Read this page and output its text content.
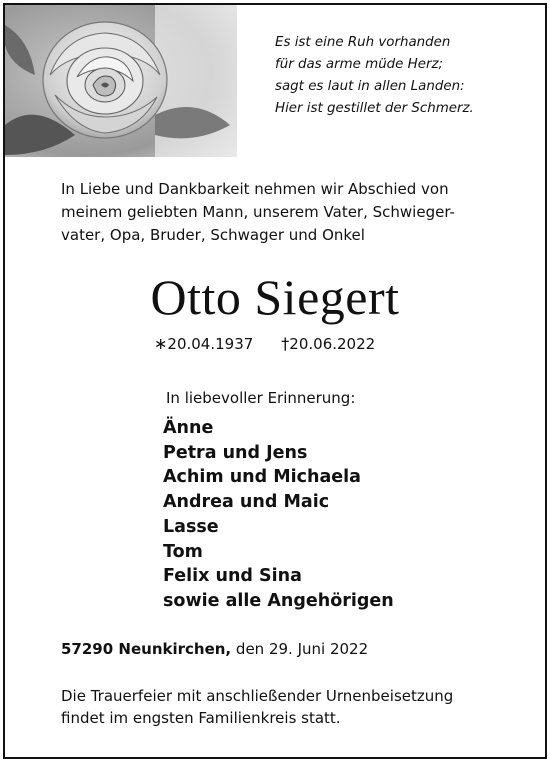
Es ist eine Ruh vorhanden
für das arme müde Herz;
sagt es laut in allen Landen:
Hier ist gestillet der Schmerz.
In Liebe und Dankbarkeit nehmen wir Abschied von
meinem geliebten Mann, unserem Vater, Schwieger-
vater, Opa, Bruder, Schwager und Onkel
Otto Siegert
∗20.04.1937 †20.06.2022
In liebevoller Erinnerung:
Änne
Petra und Jens
Achim und Michaela
Andrea und Maic
Lasse
Tom
Felix und Sina
sowie alle Angehörigen
57290 Neunkirchen, den 29. Juni 2022
Die Trauerfeier mit anschließender Urnenbeisetzung
findet im engsten Familienkreis statt.
